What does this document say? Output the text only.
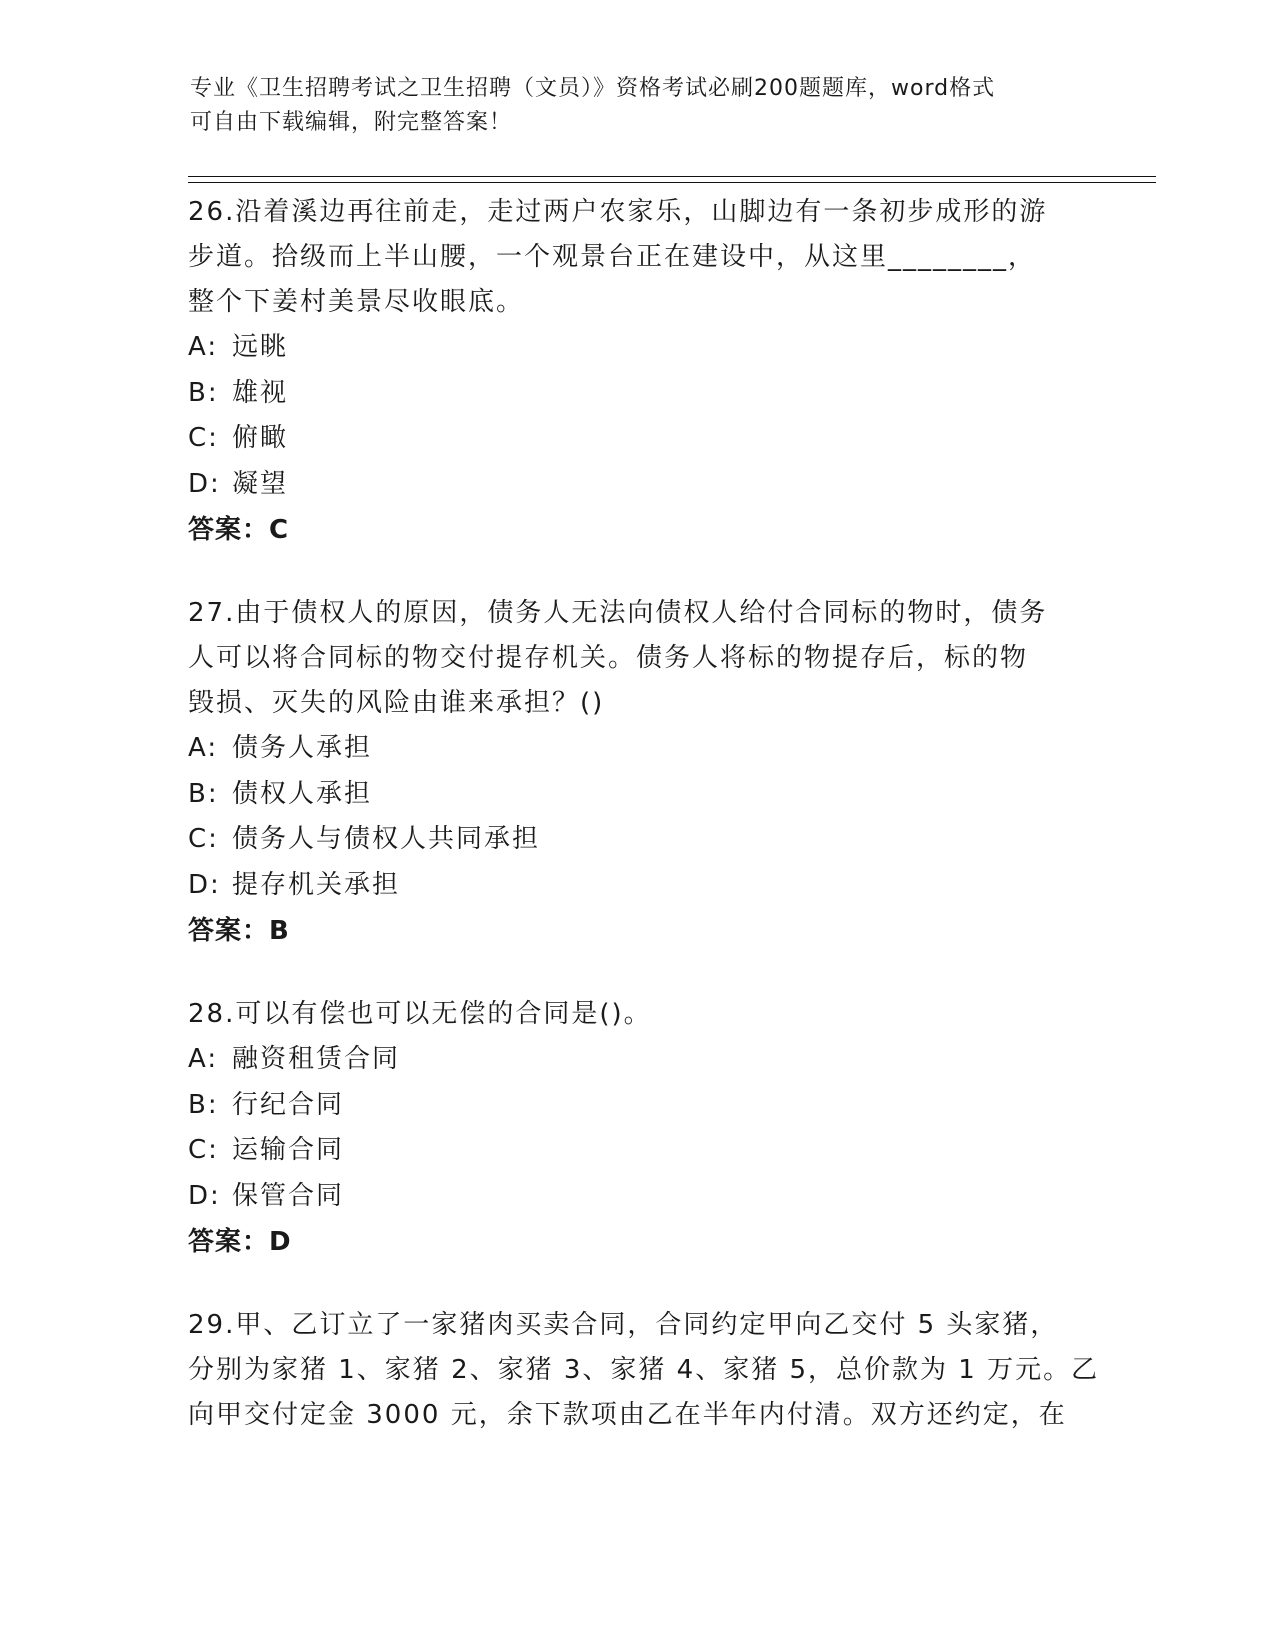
专业《卫生招聘考试之卫生招聘（文员）》资格考试必刷200题题库，word格式
可自由下载编辑，附完整答案！
26.沿着溪边再往前走，走过两户农家乐，山脚边有一条初步成形的游
步道。拾级而上半山腰，一个观景台正在建设中，从这里________，
整个下姜村美景尽收眼底。
A: 远眺
B: 雄视
C: 俯瞰
D: 凝望
答案：C
27.由于债权人的原因，债务人无法向债权人给付合同标的物时，债务
人可以将合同标的物交付提存机关。债务人将标的物提存后，标的物
毁损、灭失的风险由谁来承担？()
A: 债务人承担
B: 债权人承担
C: 债务人与债权人共同承担
D: 提存机关承担
答案：B
28.可以有偿也可以无偿的合同是()。
A: 融资租赁合同
B: 行纪合同
C: 运输合同
D: 保管合同
答案：D
29.甲、乙订立了一家猪肉买卖合同，合同约定甲向乙交付 5 头家猪，
分别为家猪 1、家猪 2、家猪 3、家猪 4、家猪 5，总价款为 1 万元。乙
向甲交付定金 3000 元，余下款项由乙在半年内付清。双方还约定，在
